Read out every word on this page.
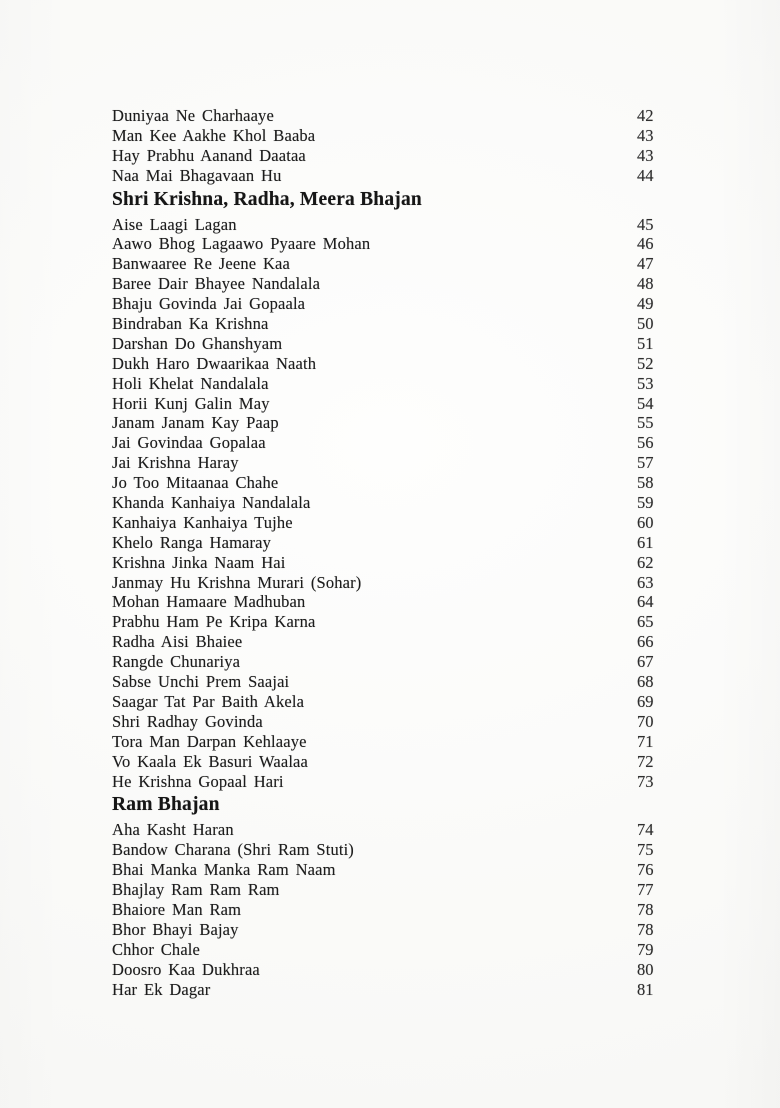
Duniyaa Ne Charhaaye	42
Man Kee Aakhe Khol Baaba	43
Hay Prabhu Aanand Daataa	43
Naa Mai Bhagavaan Hu	44
Shri Krishna, Radha, Meera Bhajan
Aise Laagi Lagan	45
Aawo Bhog Lagaawo Pyaare Mohan	46
Banwaaree Re Jeene Kaa	47
Baree Dair Bhayee Nandalala	48
Bhaju Govinda Jai Gopaala	49
Bindraban Ka Krishna	50
Darshan Do Ghanshyam	51
Dukh Haro Dwaarikaa Naath	52
Holi Khelat Nandalala	53
Horii Kunj Galin May	54
Janam Janam Kay Paap	55
Jai Govindaa Gopalaa	56
Jai Krishna Haray	57
Jo Too Mitaanaa Chahe	58
Khanda Kanhaiya Nandalala	59
Kanhaiya Kanhaiya Tujhe	60
Khelo Ranga Hamaray	61
Krishna Jinka Naam Hai	62
Janmay Hu Krishna Murari (Sohar)	63
Mohan Hamaare Madhuban	64
Prabhu Ham Pe Kripa Karna	65
Radha Aisi Bhaiee	66
Rangde Chunariya	67
Sabse Unchi Prem Saajai	68
Saagar Tat Par Baith Akela	69
Shri Radhay Govinda	70
Tora Man Darpan Kehlaaye	71
Vo Kaala Ek Basuri Waalaa	72
He Krishna Gopaal Hari	73
Ram Bhajan
Aha Kasht Haran	74
Bandow Charana (Shri Ram Stuti)	75
Bhai Manka Manka Ram Naam	76
Bhajlay Ram Ram Ram	77
Bhaiore Man Ram	78
Bhor Bhayi Bajay	78
Chhor Chale	79
Doosro Kaa Dukhraa	80
Har Ek Dagar	81
